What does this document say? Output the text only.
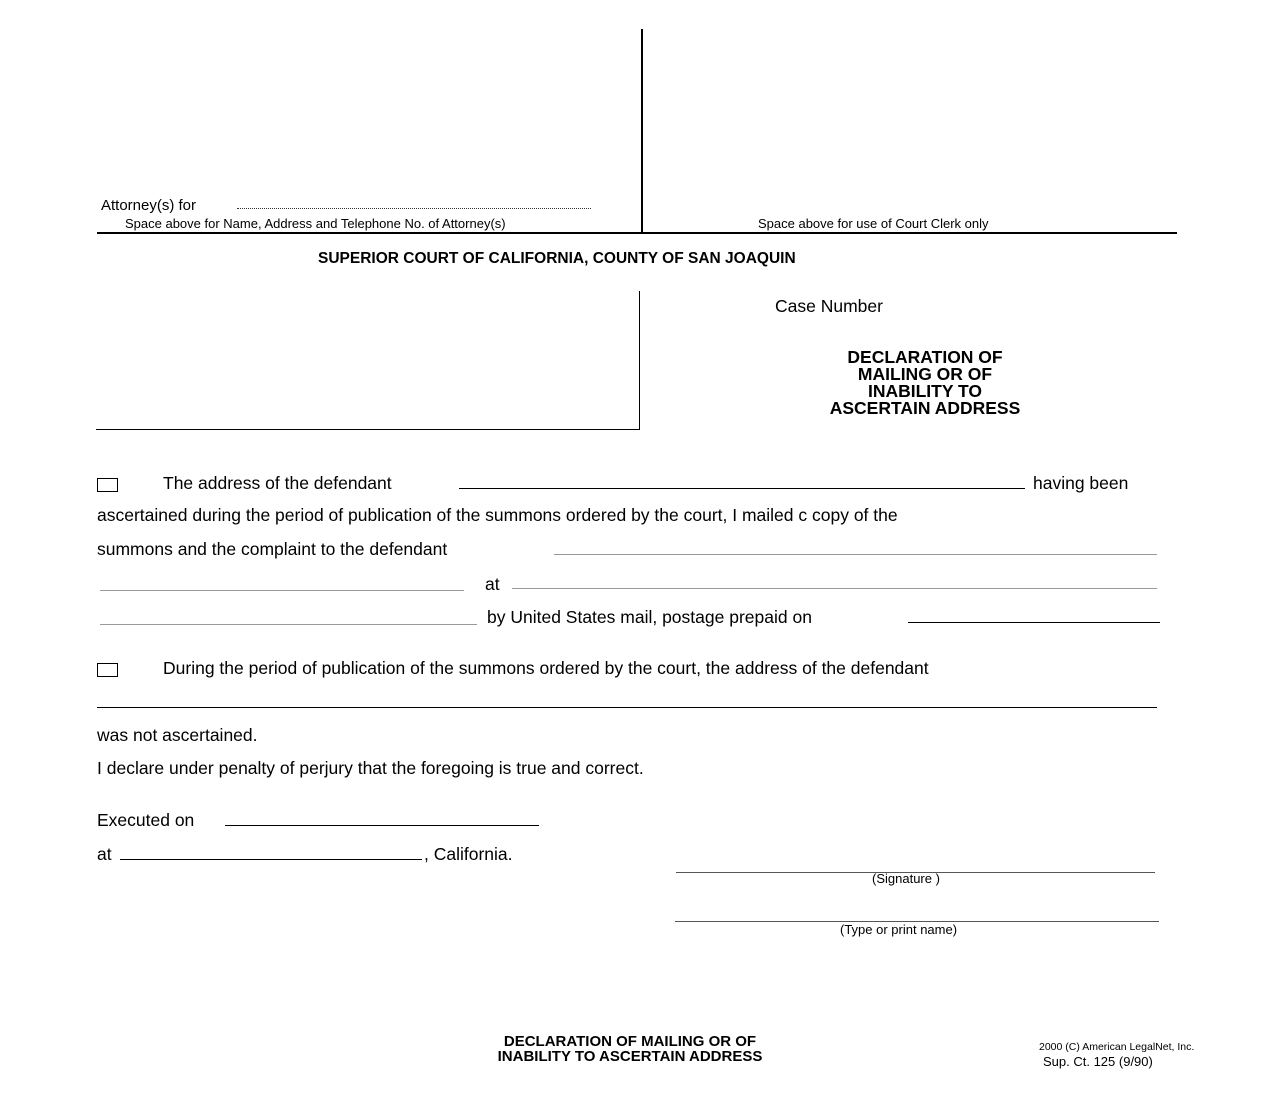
Attorney(s) for
Space above for Name, Address and Telephone No. of Attorney(s)	Space above for use of Court Clerk only
SUPERIOR COURT OF CALIFORNIA, COUNTY OF SAN JOAQUIN
Case Number
DECLARATION OF
MAILING OR OF
INABILITY TO
ASCERTAIN ADDRESS
The address of the defendant	having been
ascertained during the period of publication of the summons ordered by the court, I mailed c copy of the
summons and the complaint to the defendant
at
by United States mail, postage prepaid on
During the period of publication of the summons ordered by the court, the address of the defendant
was not ascertained.
I declare under penalty of perjury that the foregoing is true and correct.
Executed on
at	, California.
(Signature )
(Type or print name)
DECLARATION OF MAILING OR OF
INABILITY TO ASCERTAIN ADDRESS
2000 (C) American LegalNet, Inc.
Sup. Ct. 125 (9/90)
